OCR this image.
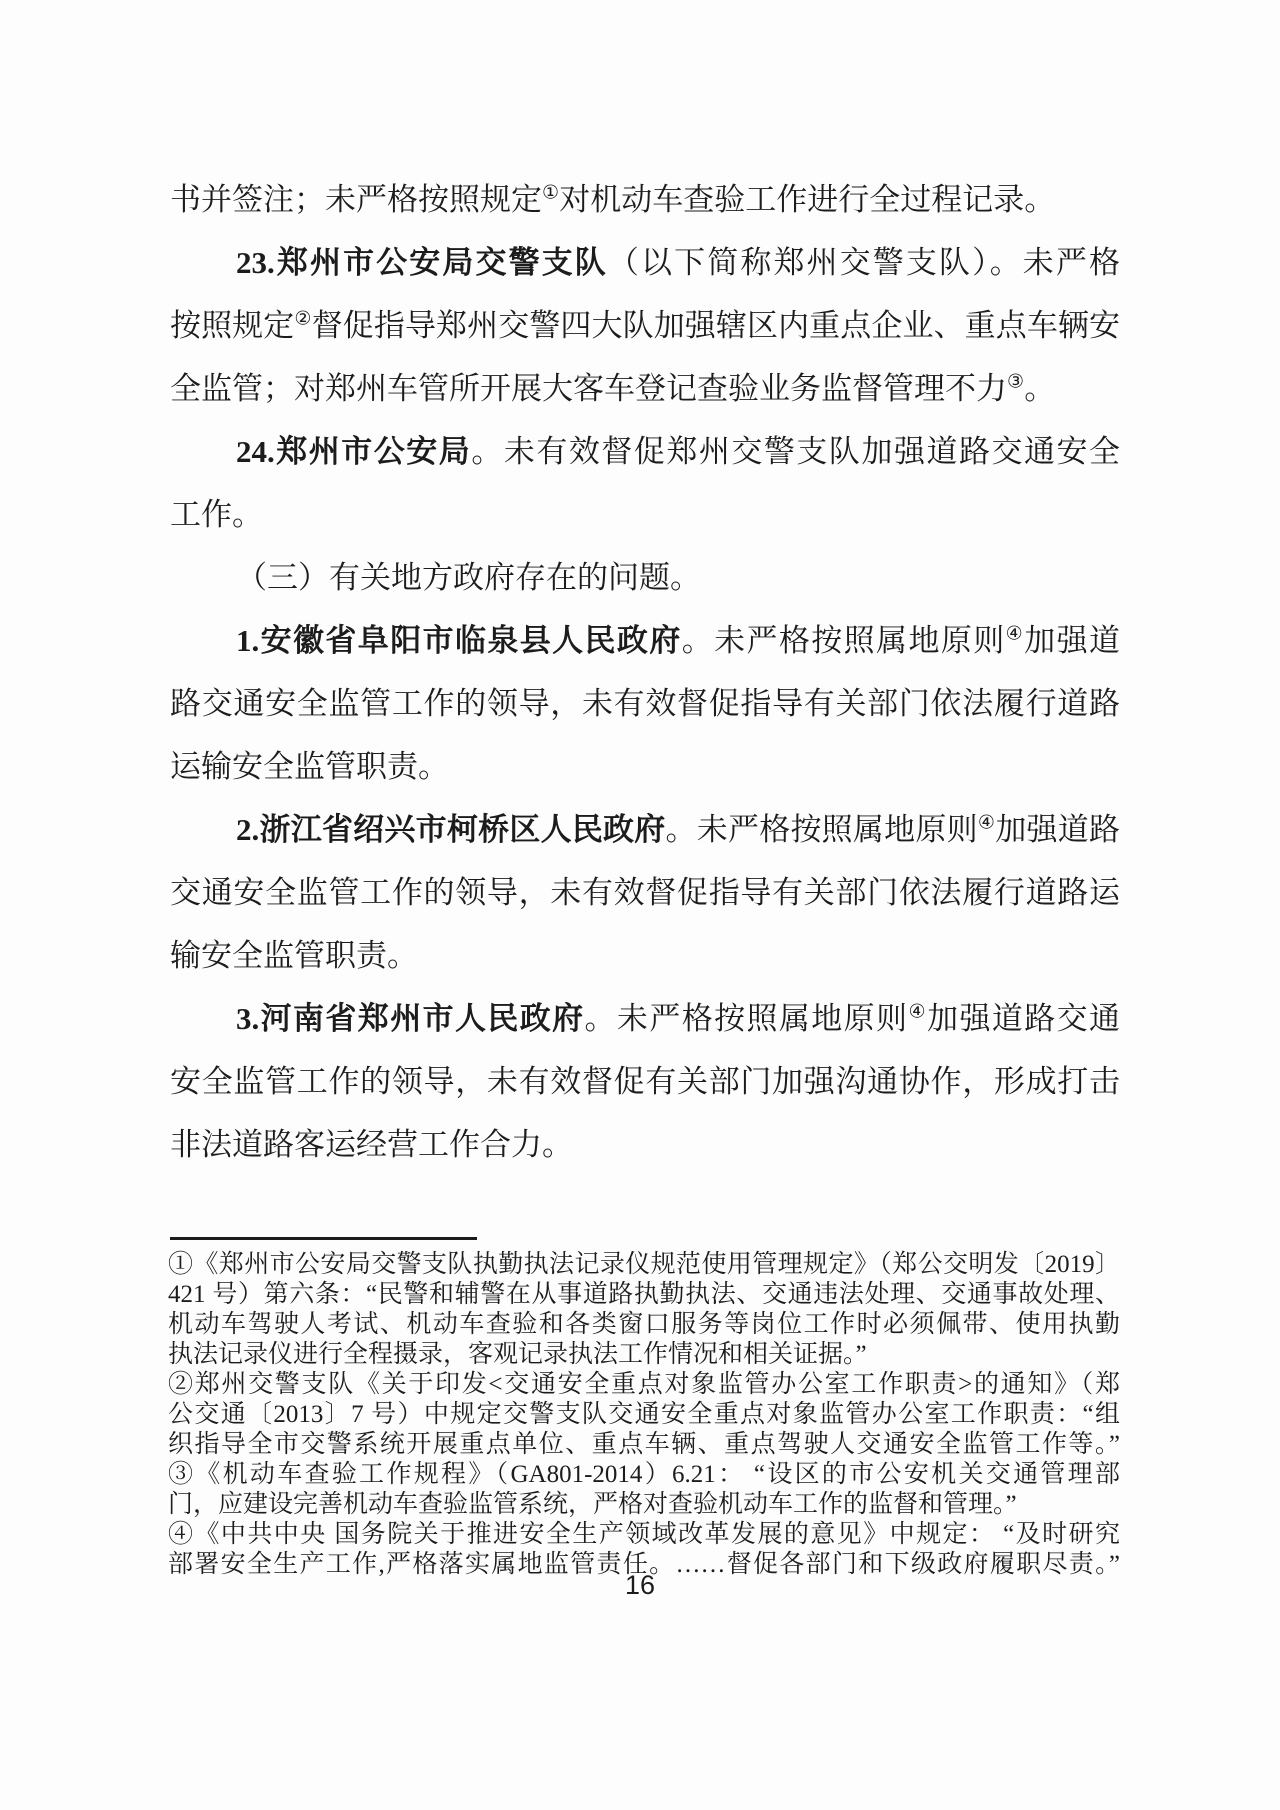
书并签注；未严格按照规定①对机动车查验工作进行全过程记录。
23.郑州市公安局交警支队（以下简称郑州交警支队）。未严格
按照规定②督促指导郑州交警四大队加强辖区内重点企业、重点车辆安
全监管；对郑州车管所开展大客车登记查验业务监督管理不力③。
24.郑州市公安局。未有效督促郑州交警支队加强道路交通安全
工作。
（三）有关地方政府存在的问题。
1.安徽省阜阳市临泉县人民政府。未严格按照属地原则④加强道
路交通安全监管工作的领导，未有效督促指导有关部门依法履行道路
运输安全监管职责。
2.浙江省绍兴市柯桥区人民政府。未严格按照属地原则④加强道路
交通安全监管工作的领导，未有效督促指导有关部门依法履行道路运
输安全监管职责。
3.河南省郑州市人民政府。未严格按照属地原则④加强道路交通
安全监管工作的领导，未有效督促有关部门加强沟通协作，形成打击
非法道路客运经营工作合力。
①《郑州市公安局交警支队执勤执法记录仪规范使用管理规定》（郑公交明发〔2019〕
421 号）第六条：“民警和辅警在从事道路执勤执法、交通违法处理、交通事故处理、
机动车驾驶人考试、机动车查验和各类窗口服务等岗位工作时必须佩带、使用执勤
执法记录仪进行全程摄录，客观记录执法工作情况和相关证据。”
②郑州交警支队《关于印发<交通安全重点对象监管办公室工作职责>的通知》（郑
公交通〔2013〕7 号）中规定交警支队交通安全重点对象监管办公室工作职责：“组
织指导全市交警系统开展重点单位、重点车辆、重点驾驶人交通安全监管工作等。”
③《机动车查验工作规程》（GA801-2014）6.21： “设区的市公安机关交通管理部
门，应建设完善机动车查验监管系统，严格对查验机动车工作的监督和管理。”
④《中共中央 国务院关于推进安全生产领域改革发展的意见》中规定： “及时研究
部署安全生产工作,严格落实属地监管责任。……督促各部门和下级政府履职尽责。”
16
